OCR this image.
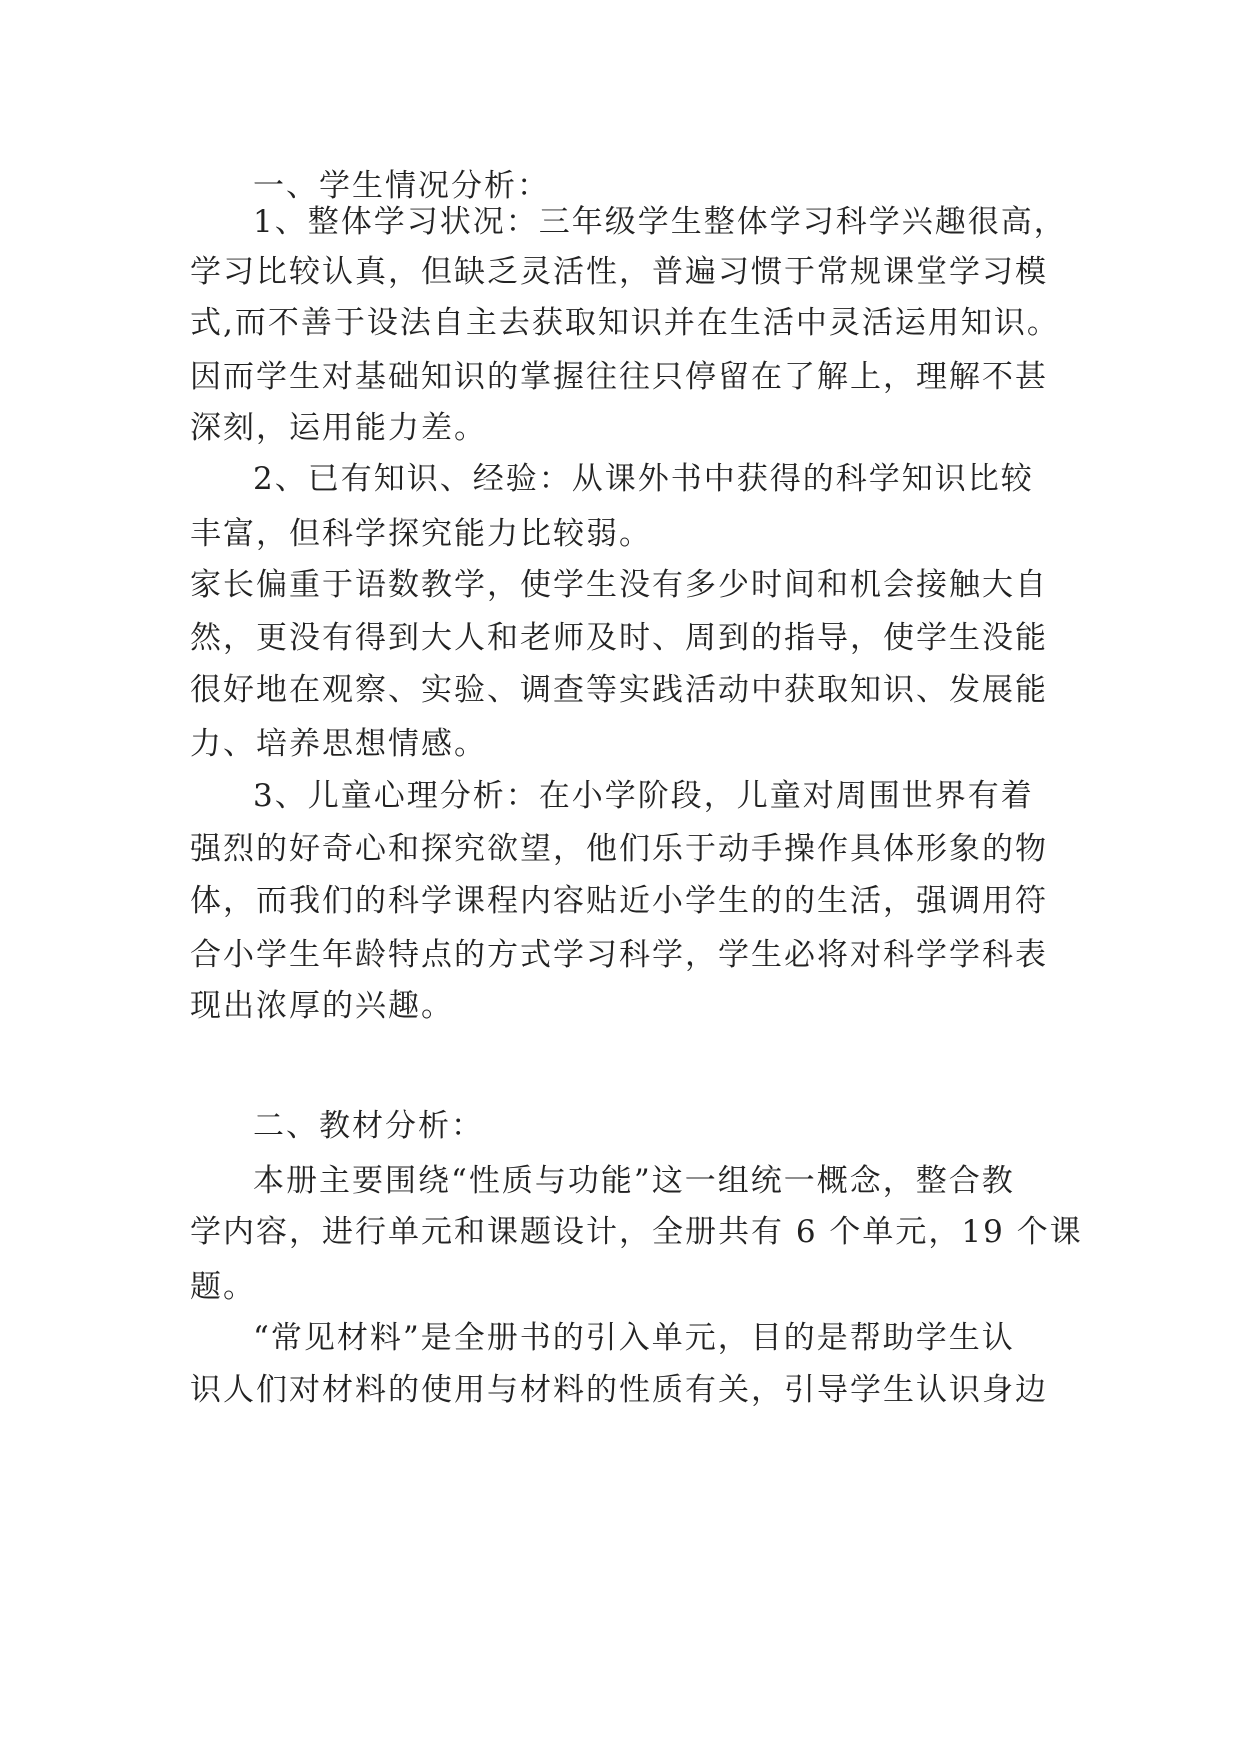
一、学生情况分析：
1、整体学习状况：三年级学生整体学习科学兴趣很高，
学习比较认真，但缺乏灵活性，普遍习惯于常规课堂学习模
式,而不善于设法自主去获取知识并在生活中灵活运用知识。
因而学生对基础知识的掌握往往只停留在了解上，理解不甚
深刻，运用能力差。
2、已有知识、经验：从课外书中获得的科学知识比较
丰富，但科学探究能力比较弱。
家长偏重于语数教学，使学生没有多少时间和机会接触大自
然，更没有得到大人和老师及时、周到的指导，使学生没能
很好地在观察、实验、调查等实践活动中获取知识、发展能
力、培养思想情感。
3、儿童心理分析：在小学阶段，儿童对周围世界有着
强烈的好奇心和探究欲望，他们乐于动手操作具体形象的物
体，而我们的科学课程内容贴近小学生的的生活，强调用符
合小学生年龄特点的方式学习科学，学生必将对科学学科表
现出浓厚的兴趣。
二、教材分析：
本册主要围绕“性质与功能”这一组统一概念，整合教
学内容，进行单元和课题设计，全册共有 6 个单元，19 个课
题。
“常见材料”是全册书的引入单元，目的是帮助学生认
识人们对材料的使用与材料的性质有关，引导学生认识身边
